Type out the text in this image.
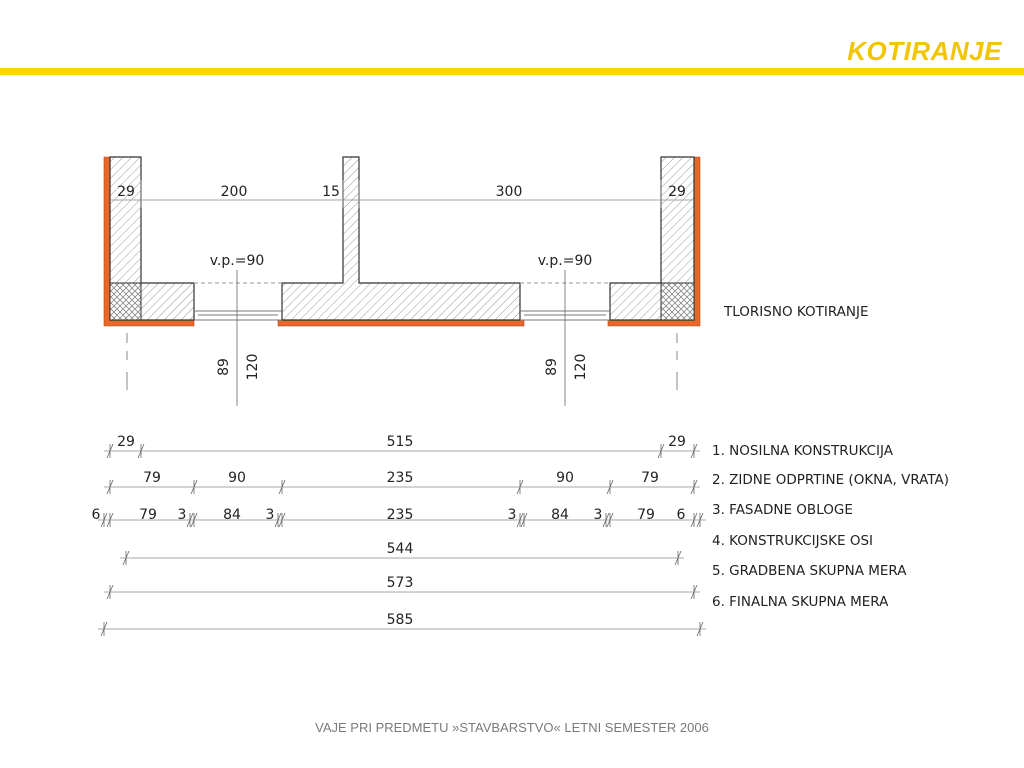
KOTIRANJE
29	200	15	300	29
v.p.=90	v.p.=90
89 120	89 120
TLORISNO KOTIRANJE
29	515	29
1. NOSILNA KONSTRUKCIJA
79	90	235	90	79	2. ZIDNE ODPRTINE (OKNA, VRATA)
6	79 3	84 3	235	3 84 3 79 6 3. FASADNE OBLOGE
544	4. KONSTRUKCIJSKE OSI
573
5. GRADBENA SKUPNA MERA
585
6. FINALNA SKUPNA MERA
VAJE PRI PREDMETU »STAVBARSTVO« LETNI SEMESTER 2006
